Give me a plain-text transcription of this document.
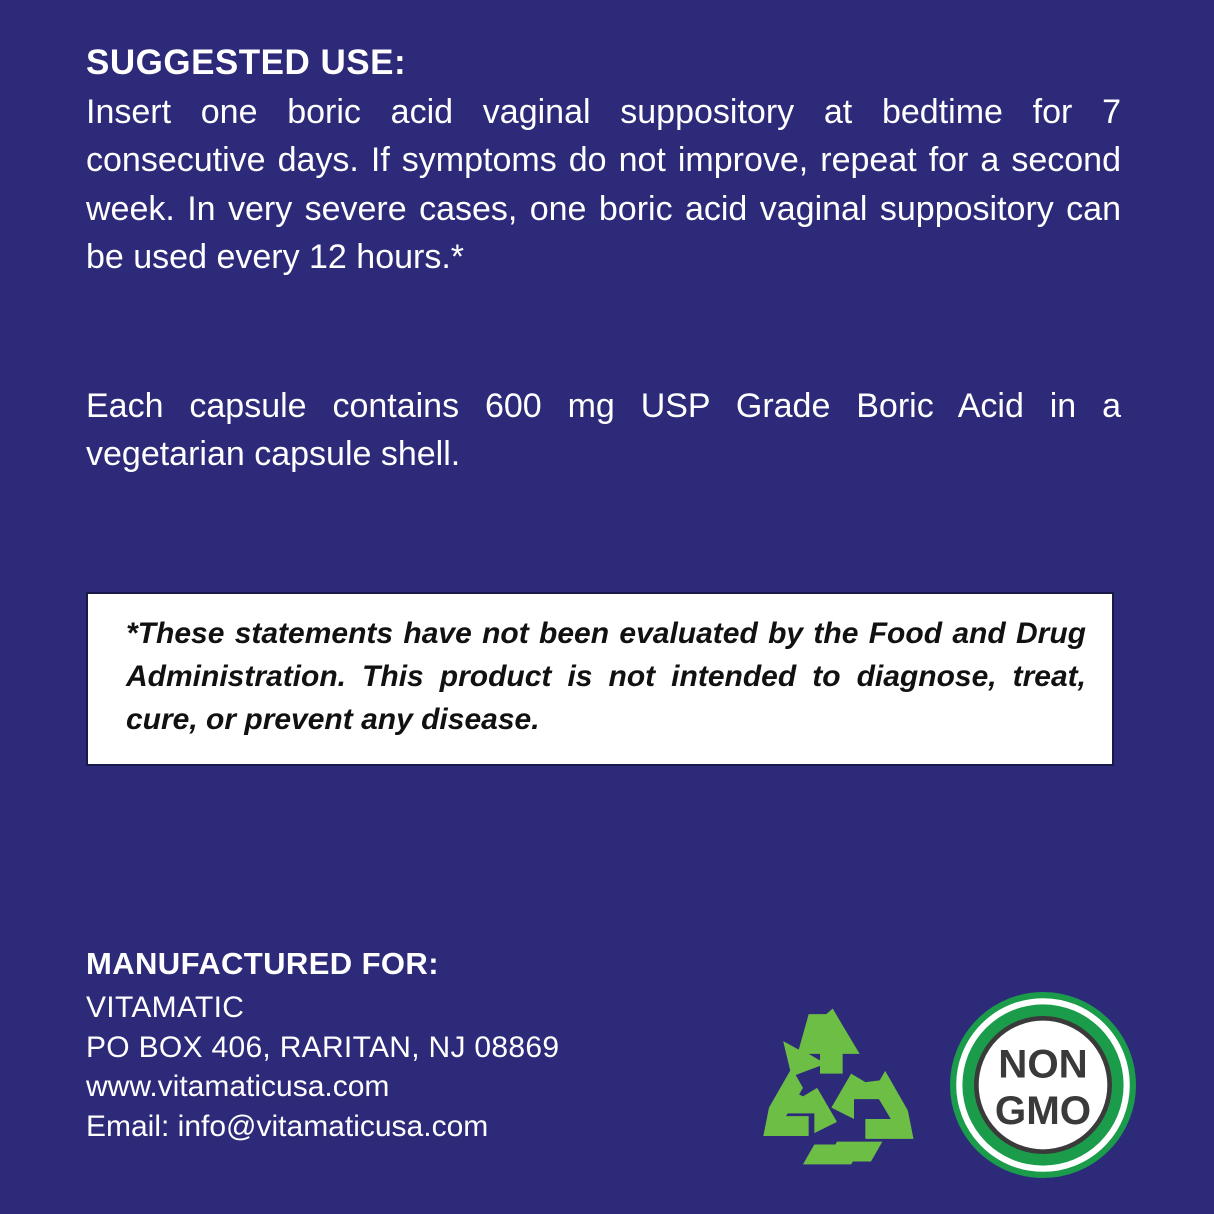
SUGGESTED USE:

Insert one boric acid vaginal suppository at bedtime for 7 consecutive days. If symptoms do not improve, repeat for a second week. In very severe cases, one boric acid vaginal suppository can be used every 12 hours.*

Each capsule contains 600 mg USP Grade Boric Acid in a vegetarian capsule shell.

*These statements have not been evaluated by the Food and Drug Administration. This product is not intended to diagnose, treat, cure, or prevent any disease.

MANUFACTURED FOR:

VITAMATIC

PO BOX 406, RARITAN, NJ 08869

www.vitamaticusa.com

Email: info@vitamaticusa.com

NON
GMO
